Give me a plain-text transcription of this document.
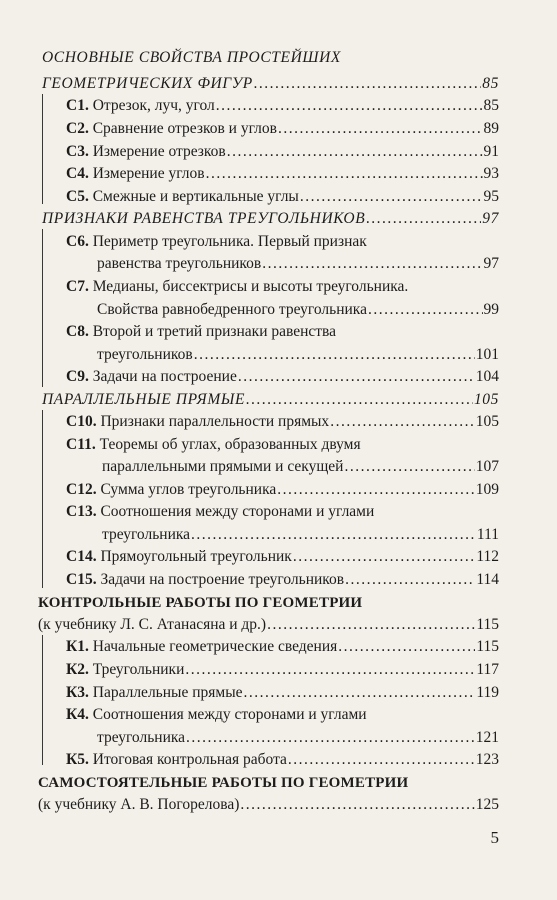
ОСНОВНЫЕ СВОЙСТВА ПРОСТЕЙШИХ
ГЕОМЕТРИЧЕСКИХ ФИГУР .....	85
С1. Отрезок, луч, угол .....	85
С2. Сравнение отрезков и углов .....	89
С3. Измерение отрезков .....	91
С4. Измерение углов .....	93
С5. Смежные и вертикальные углы .....	95
ПРИЗНАКИ РАВЕНСТВА ТРЕУГОЛЬНИКОВ .....	97
С6. Периметр треугольника. Первый признак
равенства треугольников .....	97
С7. Медианы, биссектрисы и высоты треугольника.
Свойства равнобедренного треугольника .....	99
С8. Второй и третий признаки равенства
треугольников .....	101
С9. Задачи на построение .....	104
ПАРАЛЛЕЛЬНЫЕ ПРЯМЫЕ .....	105
С10. Признаки параллельности прямых .....	105
С11. Теоремы об углах, образованных двумя
параллельными прямыми и секущей .....	107
С12. Сумма углов треугольника .....	109
С13. Соотношения между сторонами и углами
треугольника .....	111
С14. Прямоугольный треугольник .....	112
С15. Задачи на построение треугольников .....	114
КОНТРОЛЬНЫЕ РАБОТЫ ПО ГЕОМЕТРИИ
(к учебнику Л. С. Атанасяна и др.) .....	115
К1. Начальные геометрические сведения .....	115
К2. Треугольники .....	117
К3. Параллельные прямые .....	119
К4. Соотношения между сторонами и углами
треугольника .....	121
К5. Итоговая контрольная работа .....	123
САМОСТОЯТЕЛЬНЫЕ РАБОТЫ ПО ГЕОМЕТРИИ
(к учебнику А. В. Погорелова) .....	125
5
